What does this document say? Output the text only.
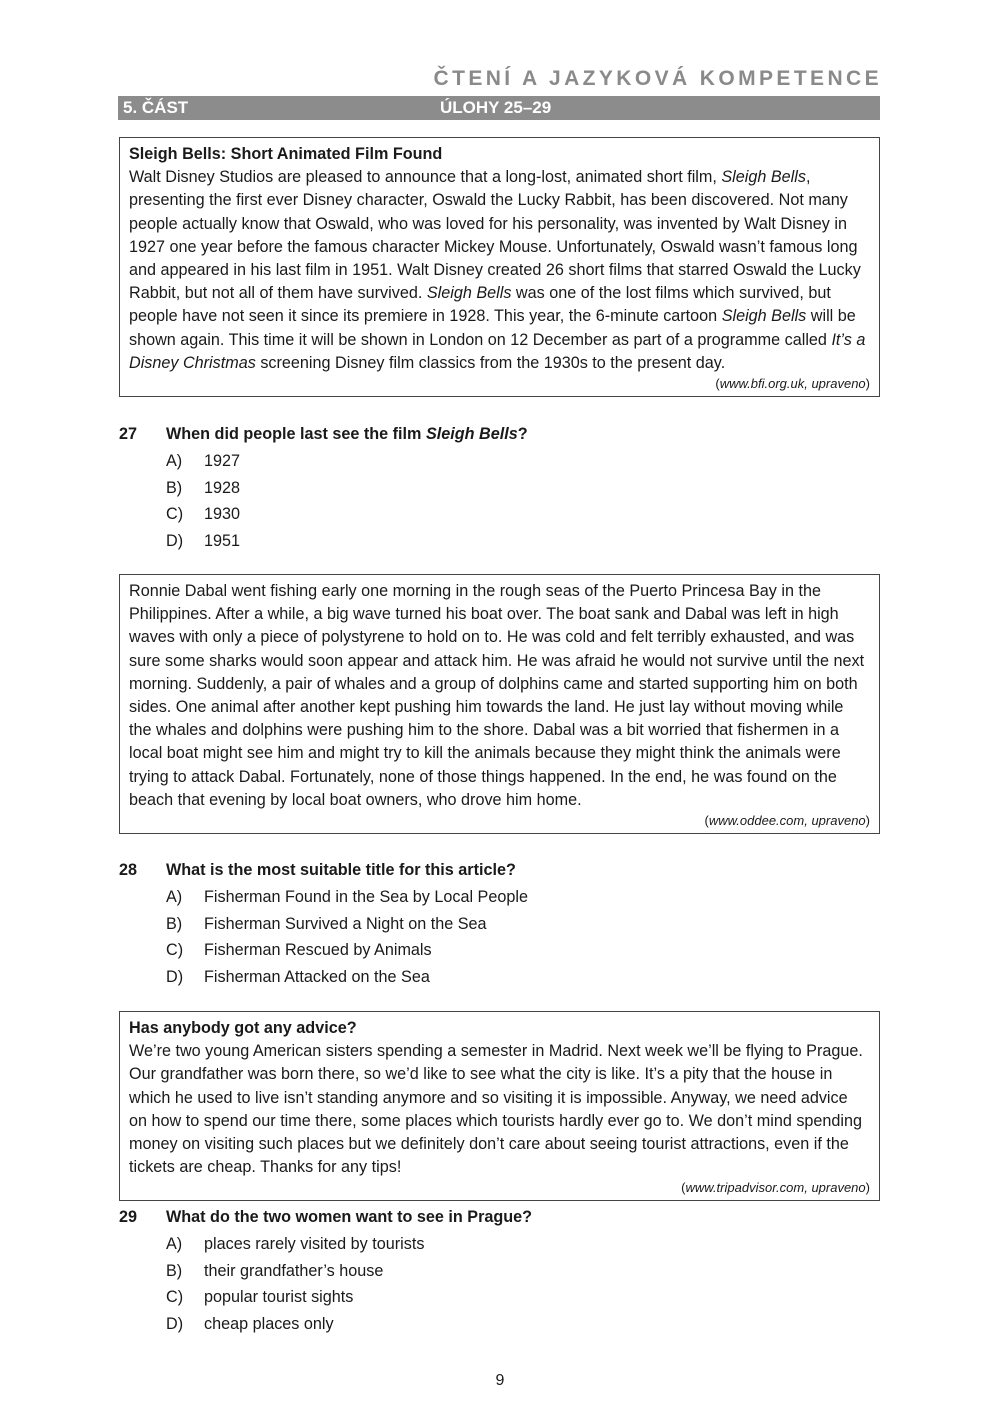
ČTENÍ A JAZYKOVÁ KOMPETENCE
5. ČÁST	ÚLOHY 25–29

Sleigh Bells: Short Animated Film Found

Walt Disney Studios are pleased to announce that a long-lost, animated short film, Sleigh Bells, presenting the first ever Disney character, Oswald the Lucky Rabbit, has been discovered. Not many people actually know that Oswald, who was loved for his personality, was invented by Walt Disney in 1927 one year before the famous character Mickey Mouse. Unfortunately, Oswald wasn’t famous long and appeared in his last film in 1951. Walt Disney created 26 short films that starred Oswald the Lucky Rabbit, but not all of them have survived. Sleigh Bells was one of the lost films which survived, but people have not seen it since its premiere in 1928. This year, the 6-minute cartoon Sleigh Bells will be shown again. This time it will be shown in London on 12 December as part of a programme called It’s a Disney Christmas screening Disney film classics from the 1930s to the present day.

(www.bfi.org.uk, upraveno)
27 When did people last see the film Sleigh Bells?
A) 1927
B) 1928
C) 1930
D) 1951

Ronnie Dabal went fishing early one morning in the rough seas of the Puerto Princesa Bay in the Philippines. After a while, a big wave turned his boat over. The boat sank and Dabal was left in high waves with only a piece of polystyrene to hold on to. He was cold and felt terribly exhausted, and was sure some sharks would soon appear and attack him. He was afraid he would not survive until the next morning. Suddenly, a pair of whales and a group of dolphins came and started supporting him on both sides. One animal after another kept pushing him towards the land. He just lay without moving while the whales and dolphins were pushing him to the shore. Dabal was a bit worried that fishermen in a local boat might see him and might try to kill the animals because they might think the animals were trying to attack Dabal. Fortunately, none of those things happened. In the end, he was found on the beach that evening by local boat owners, who drove him home.

(www.oddee.com, upraveno)
28 What is the most suitable title for this article?
A) Fisherman Found in the Sea by Local People
B) Fisherman Survived a Night on the Sea
C) Fisherman Rescued by Animals
D) Fisherman Attacked on the Sea

Has anybody got any advice?

We’re two young American sisters spending a semester in Madrid. Next week we’ll be flying to Prague. Our grandfather was born there, so we’d like to see what the city is like. It’s a pity that the house in which he used to live isn’t standing anymore and so visiting it is impossible. Anyway, we need advice on how to spend our time there, some places which tourists hardly ever go to. We don’t mind spending money on visiting such places but we definitely don’t care about seeing tourist attractions, even if the tickets are cheap. Thanks for any tips!

(www.tripadvisor.com, upraveno)
29 What do the two women want to see in Prague?
A) places rarely visited by tourists
B) their grandfather’s house
C) popular tourist sights
D) cheap places only
9
